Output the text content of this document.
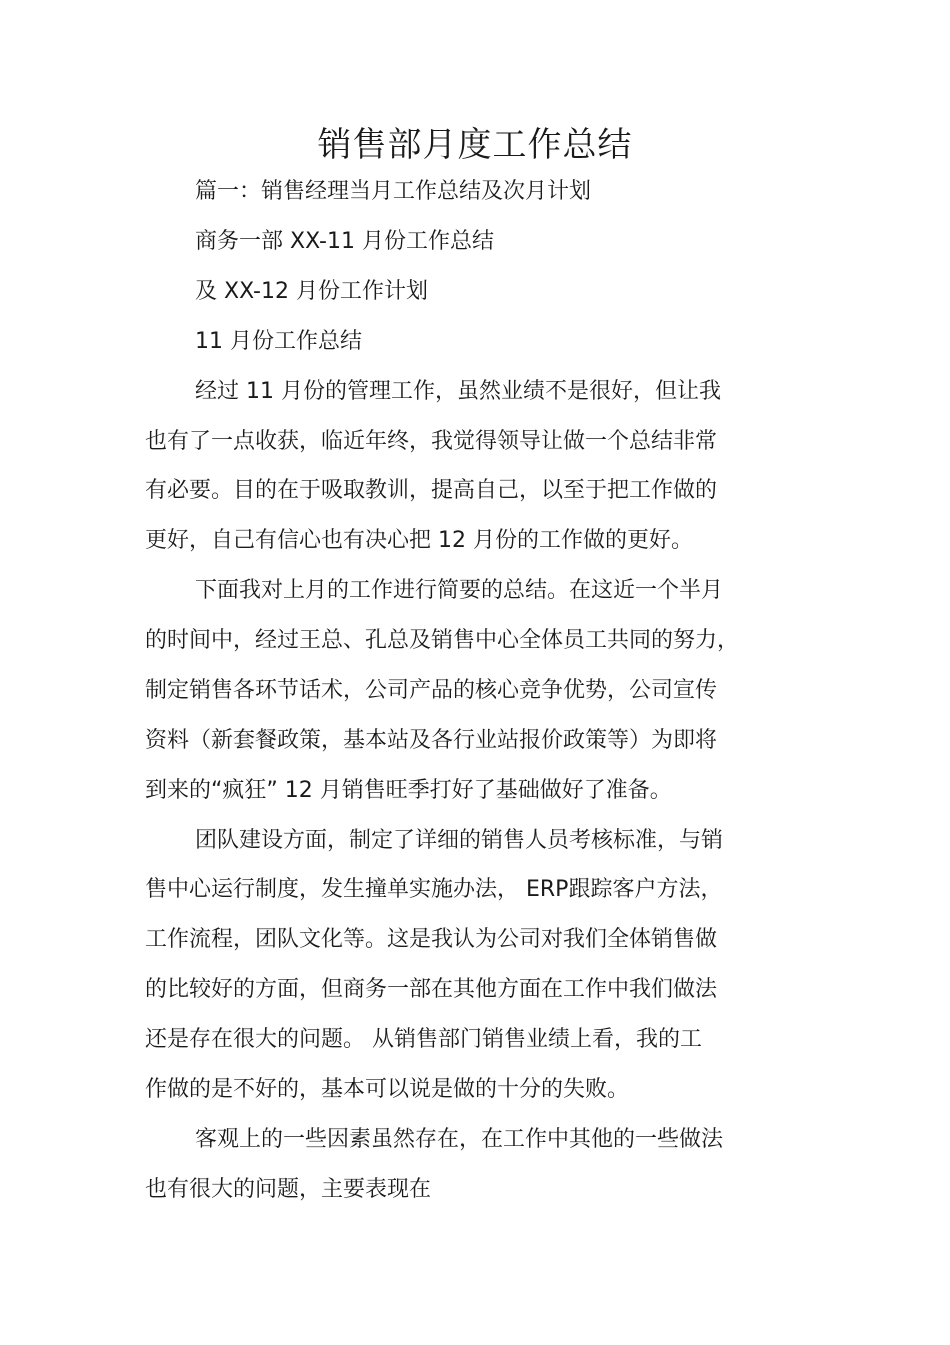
销售部月度工作总结
篇一：销售经理当月工作总结及次月计划
商务一部 XX-11 月份工作总结
及 XX-12 月份工作计划
11 月份工作总结
经过 11 月份的管理工作，虽然业绩不是很好，但让我
也有了一点收获，临近年终，我觉得领导让做一个总结非常
有必要。目的在于吸取教训，提高自己，以至于把工作做的
更好，自己有信心也有决心把 12 月份的工作做的更好。
下面我对上月的工作进行简要的总结。在这近一个半月
的时间中，经过王总、孔总及销售中心全体员工共同的努力，
制定销售各环节话术，公司产品的核心竞争优势，公司宣传
资料（新套餐政策，基本站及各行业站报价政策等）为即将
到来的“疯狂” 12 月销售旺季打好了基础做好了准备。
团队建设方面，制定了详细的销售人员考核标准，与销
售中心运行制度，发生撞单实施办法， ERP跟踪客户方法，
工作流程，团队文化等。这是我认为公司对我们全体销售做
的比较好的方面，但商务一部在其他方面在工作中我们做法
还是存在很大的问题。 从销售部门销售业绩上看，我的工
作做的是不好的，基本可以说是做的十分的失败。
客观上的一些因素虽然存在，在工作中其他的一些做法
也有很大的问题，主要表现在
